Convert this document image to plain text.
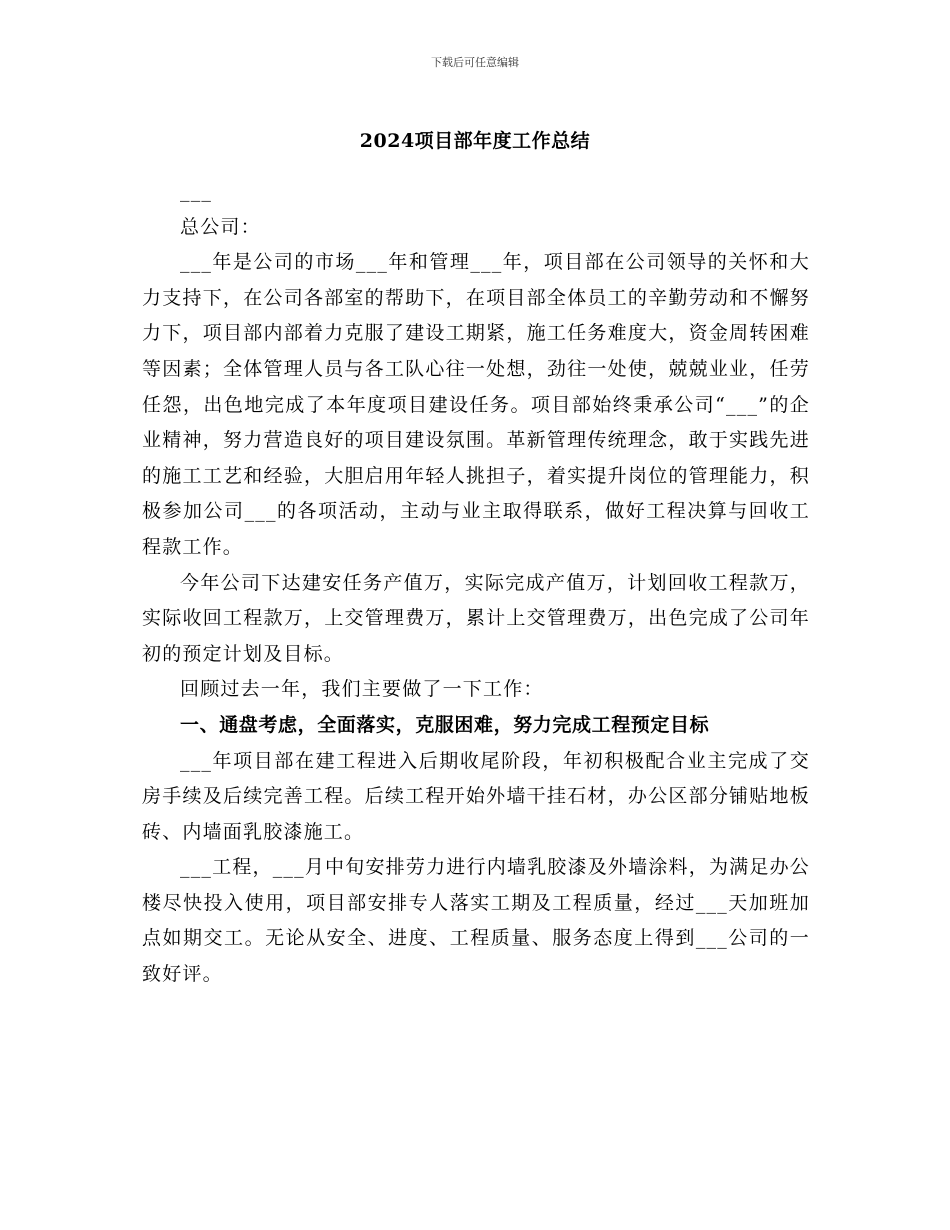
下载后可任意编辑
2024项目部年度工作总结

___

总公司：

___年是公司的市场___年和管理___年，项目部在公司领导的关怀和大力支持下，在公司各部室的帮助下，在项目部全体员工的辛勤劳动和不懈努力下，项目部内部着力克服了建设工期紧，施工任务难度大，资金周转困难等因素；全体管理人员与各工队心往一处想，劲往一处使，兢兢业业，任劳任怨，出色地完成了本年度项目建设任务。项目部始终秉承公司“___”的企业精神，努力营造良好的项目建设氛围。革新管理传统理念，敢于实践先进的施工工艺和经验，大胆启用年轻人挑担子，着实提升岗位的管理能力，积极参加公司___的各项活动，主动与业主取得联系，做好工程决算与回收工程款工作。

今年公司下达建安任务产值万，实际完成产值万，计划回收工程款万，实际收回工程款万，上交管理费万，累计上交管理费万，出色完成了公司年初的预定计划及目标。

回顾过去一年，我们主要做了一下工作：

一、通盘考虑，全面落实，克服困难，努力完成工程预定目标

___年项目部在建工程进入后期收尾阶段，年初积极配合业主完成了交房手续及后续完善工程。后续工程开始外墙干挂石材，办公区部分铺贴地板砖、内墙面乳胶漆施工。

___工程，___月中旬安排劳力进行内墙乳胶漆及外墙涂料，为满足办公楼尽快投入使用，项目部安排专人落实工期及工程质量，经过___天加班加点如期交工。无论从安全、进度、工程质量、服务态度上得到___公司的一致好评。
